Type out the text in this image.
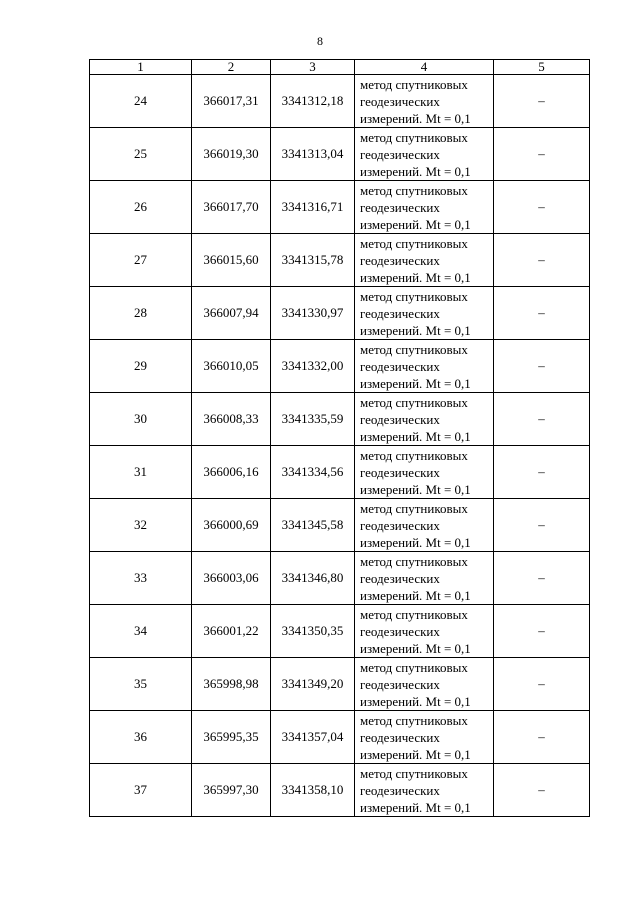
8
1	2	3	4	5
24	366017,31	3341312,18	метод спутниковых
геодезических
измерений. Mt = 0,1	–
25	366019,30	3341313,04	метод спутниковых
геодезических
измерений. Mt = 0,1	–
26	366017,70	3341316,71	метод спутниковых
геодезических
измерений. Mt = 0,1	–
27	366015,60	3341315,78	метод спутниковых
геодезических
измерений. Mt = 0,1	–
28	366007,94	3341330,97	метод спутниковых
геодезических
измерений. Mt = 0,1	–
29	366010,05	3341332,00	метод спутниковых
геодезических
измерений. Mt = 0,1	–
30	366008,33	3341335,59	метод спутниковых
геодезических
измерений. Mt = 0,1	–
31	366006,16	3341334,56	метод спутниковых
геодезических
измерений. Mt = 0,1	–
32	366000,69	3341345,58	метод спутниковых
геодезических
измерений. Mt = 0,1	–
33	366003,06	3341346,80	метод спутниковых
геодезических
измерений. Mt = 0,1	–
34	366001,22	3341350,35	метод спутниковых
геодезических
измерений. Mt = 0,1	–
35	365998,98	3341349,20	метод спутниковых
геодезических
измерений. Mt = 0,1	–
36	365995,35	3341357,04	метод спутниковых
геодезических
измерений. Mt = 0,1	–
37	365997,30	3341358,10	метод спутниковых
геодезических
измерений. Mt = 0,1	–
